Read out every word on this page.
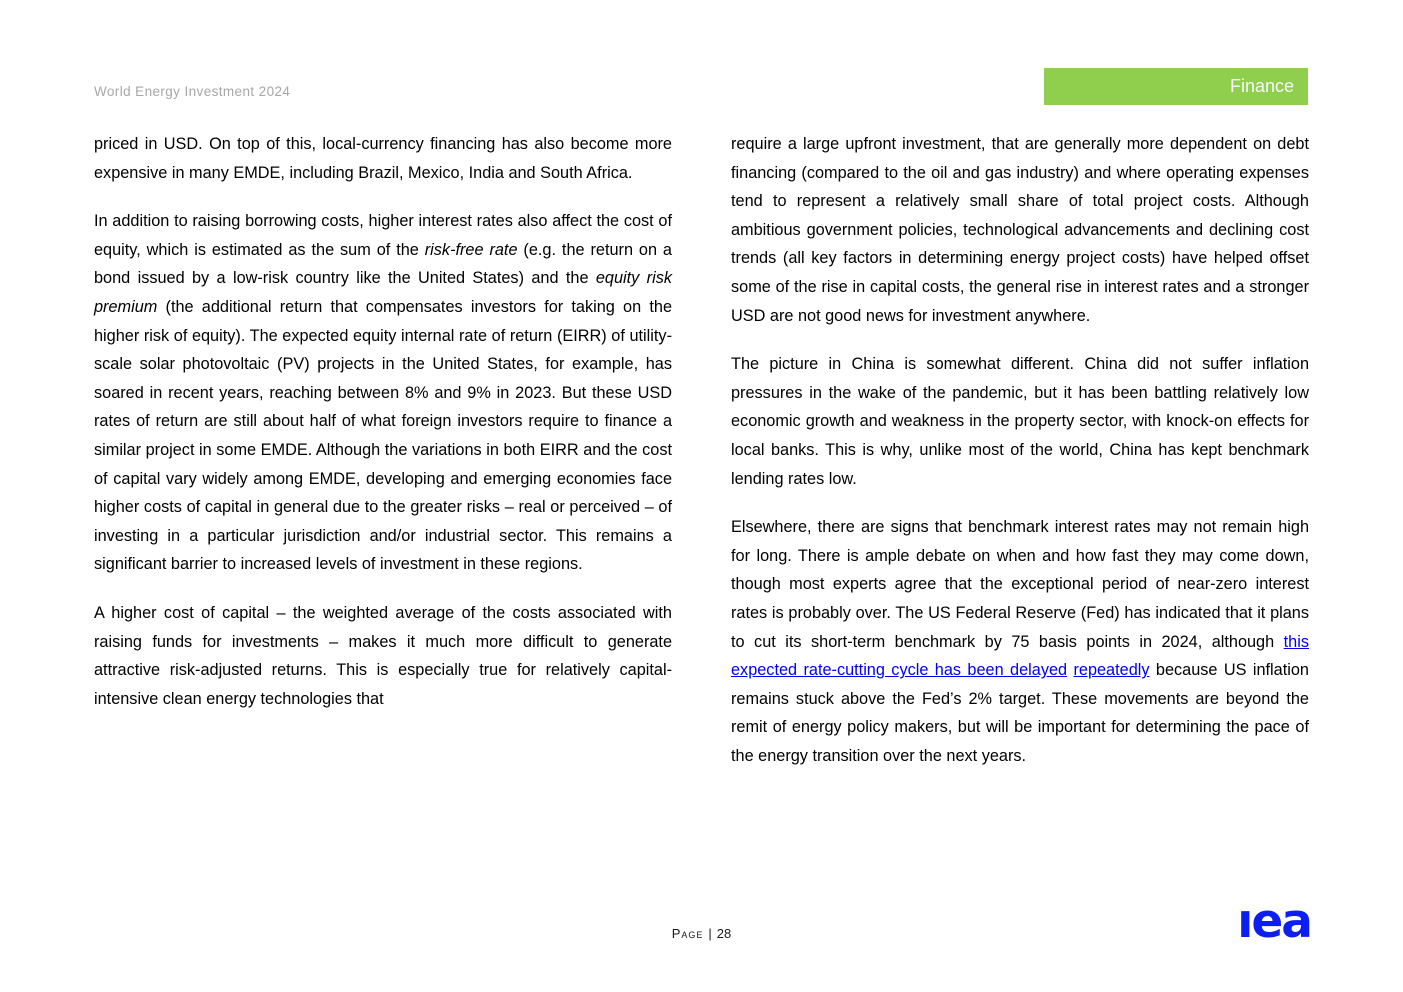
World Energy Investment 2024	Finance

priced in USD. On top of this, local-currency financing has also become more expensive in many EMDE, including Brazil, Mexico, India and South Africa.

In addition to raising borrowing costs, higher interest rates also affect the cost of equity, which is estimated as the sum of the risk-free rate (e.g. the return on a bond issued by a low-risk country like the United States) and the equity risk premium (the additional return that compensates investors for taking on the higher risk of equity). The expected equity internal rate of return (EIRR) of utility-scale solar photovoltaic (PV) projects in the United States, for example, has soared in recent years, reaching between 8% and 9% in 2023. But these USD rates of return are still about half of what foreign investors require to finance a similar project in some EMDE. Although the variations in both EIRR and the cost of capital vary widely among EMDE, developing and emerging economies face higher costs of capital in general due to the greater risks – real or perceived – of investing in a particular jurisdiction and/or industrial sector. This remains a significant barrier to increased levels of investment in these regions.

A higher cost of capital – the weighted average of the costs associated with raising funds for investments – makes it much more difficult to generate attractive risk-adjusted returns. This is especially true for relatively capital-intensive clean energy technologies that

require a large upfront investment, that are generally more dependent on debt financing (compared to the oil and gas industry) and where operating expenses tend to represent a relatively small share of total project costs. Although ambitious government policies, technological advancements and declining cost trends (all key factors in determining energy project costs) have helped offset some of the rise in capital costs, the general rise in interest rates and a stronger USD are not good news for investment anywhere.

The picture in China is somewhat different. China did not suffer inflation pressures in the wake of the pandemic, but it has been battling relatively low economic growth and weakness in the property sector, with knock-on effects for local banks. This is why, unlike most of the world, China has kept benchmark lending rates low.

Elsewhere, there are signs that benchmark interest rates may not remain high for long. There is ample debate on when and how fast they may come down, though most experts agree that the exceptional period of near-zero interest rates is probably over. The US Federal Reserve (Fed) has indicated that it plans to cut its short-term benchmark by 75 basis points in 2024, although this expected rate-cutting cycle has been delayed repeatedly because US inflation remains stuck above the Fed’s 2% target. These movements are beyond the remit of energy policy makers, but will be important for determining the pace of the energy transition over the next years.

Page | 28	ıea
